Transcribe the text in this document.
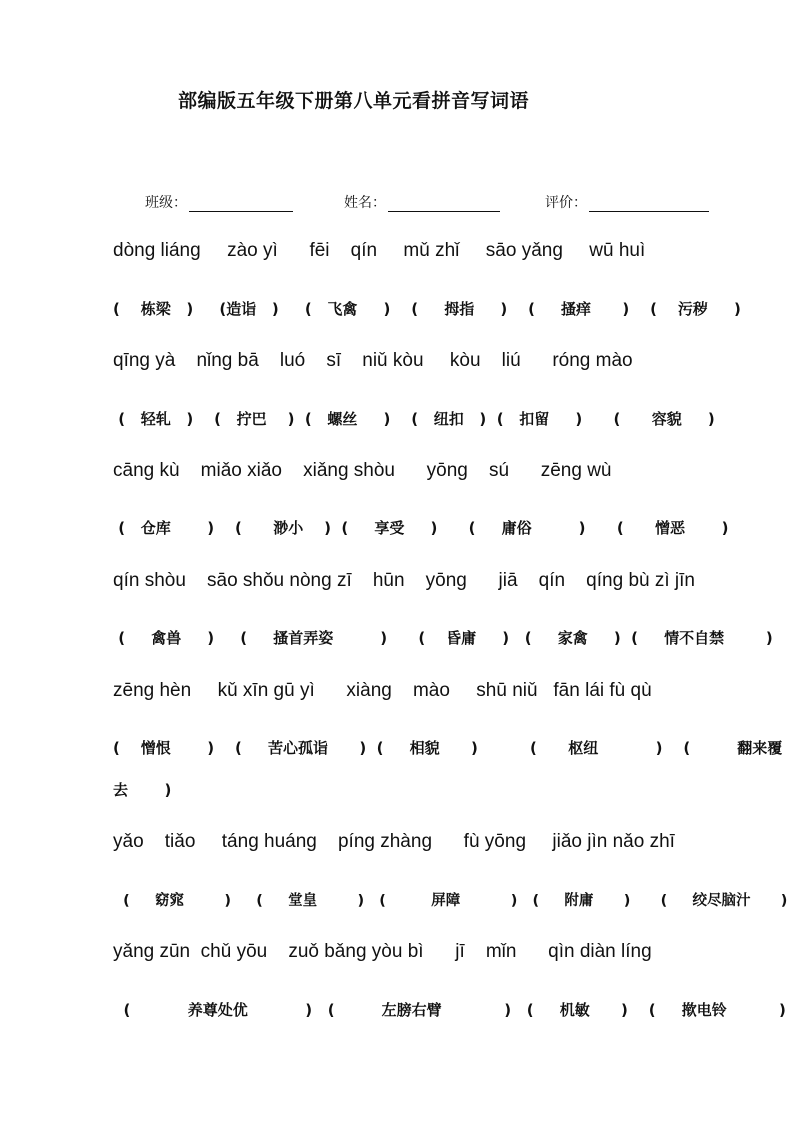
部编版五年级下册第八单元看拼音写词语
班级：	姓名：	评价：
dòng liáng     zào yì      fēi    qín     mǔ zhǐ     sāo yǎng     wū huì
(    栋梁   )     (造诣   )     (   飞禽     )    (     拇指     )    (     搔痒      )    (    污秽     )
qīng yà    nǐng bā    luó    sī    niǔ kòu     kòu    liú      róng mào
(   轻轧   )    (   拧巴    )  (   螺丝     )    (   纽扣   )  (   扣留     )      (      容貌     )
cāng kù    miǎo xiǎo    xiǎng shòu      yōng    sú      zēng wù
(   仓库       )    (      渺小    )  (     享受     )      (     庸俗         )      (      憎恶       )
qín shòu    sāo shǒu nòng zī    hūn    yōng      jiā    qín    qíng bù zì jīn
(     禽兽     )     (     搔首弄姿         )      (    昏庸     )   (     家禽     )  (     情不自禁        )
zēng hèn     kǔ xīn gū yì      xiàng    mào     shū niǔ   fān lái fù qù
(    憎恨       )    (     苦心孤诣      )  (     相貌      )          (      枢纽           )    (         翻来覆
去       )
yǎo    tiǎo     táng huáng    píng zhàng      fù yōng     jiǎo jìn nǎo zhī
(     窈窕        )     (     堂皇        )   (         屏障          )   (     附庸      )      (     绞尽脑汁      )
yǎng zūn  chǔ yōu    zuǒ bǎng yòu bì      jī    mǐn      qìn diàn líng
(           养尊处优           )   (         左膀右臂            )   (     机敏      )    (     揿电铃          )
